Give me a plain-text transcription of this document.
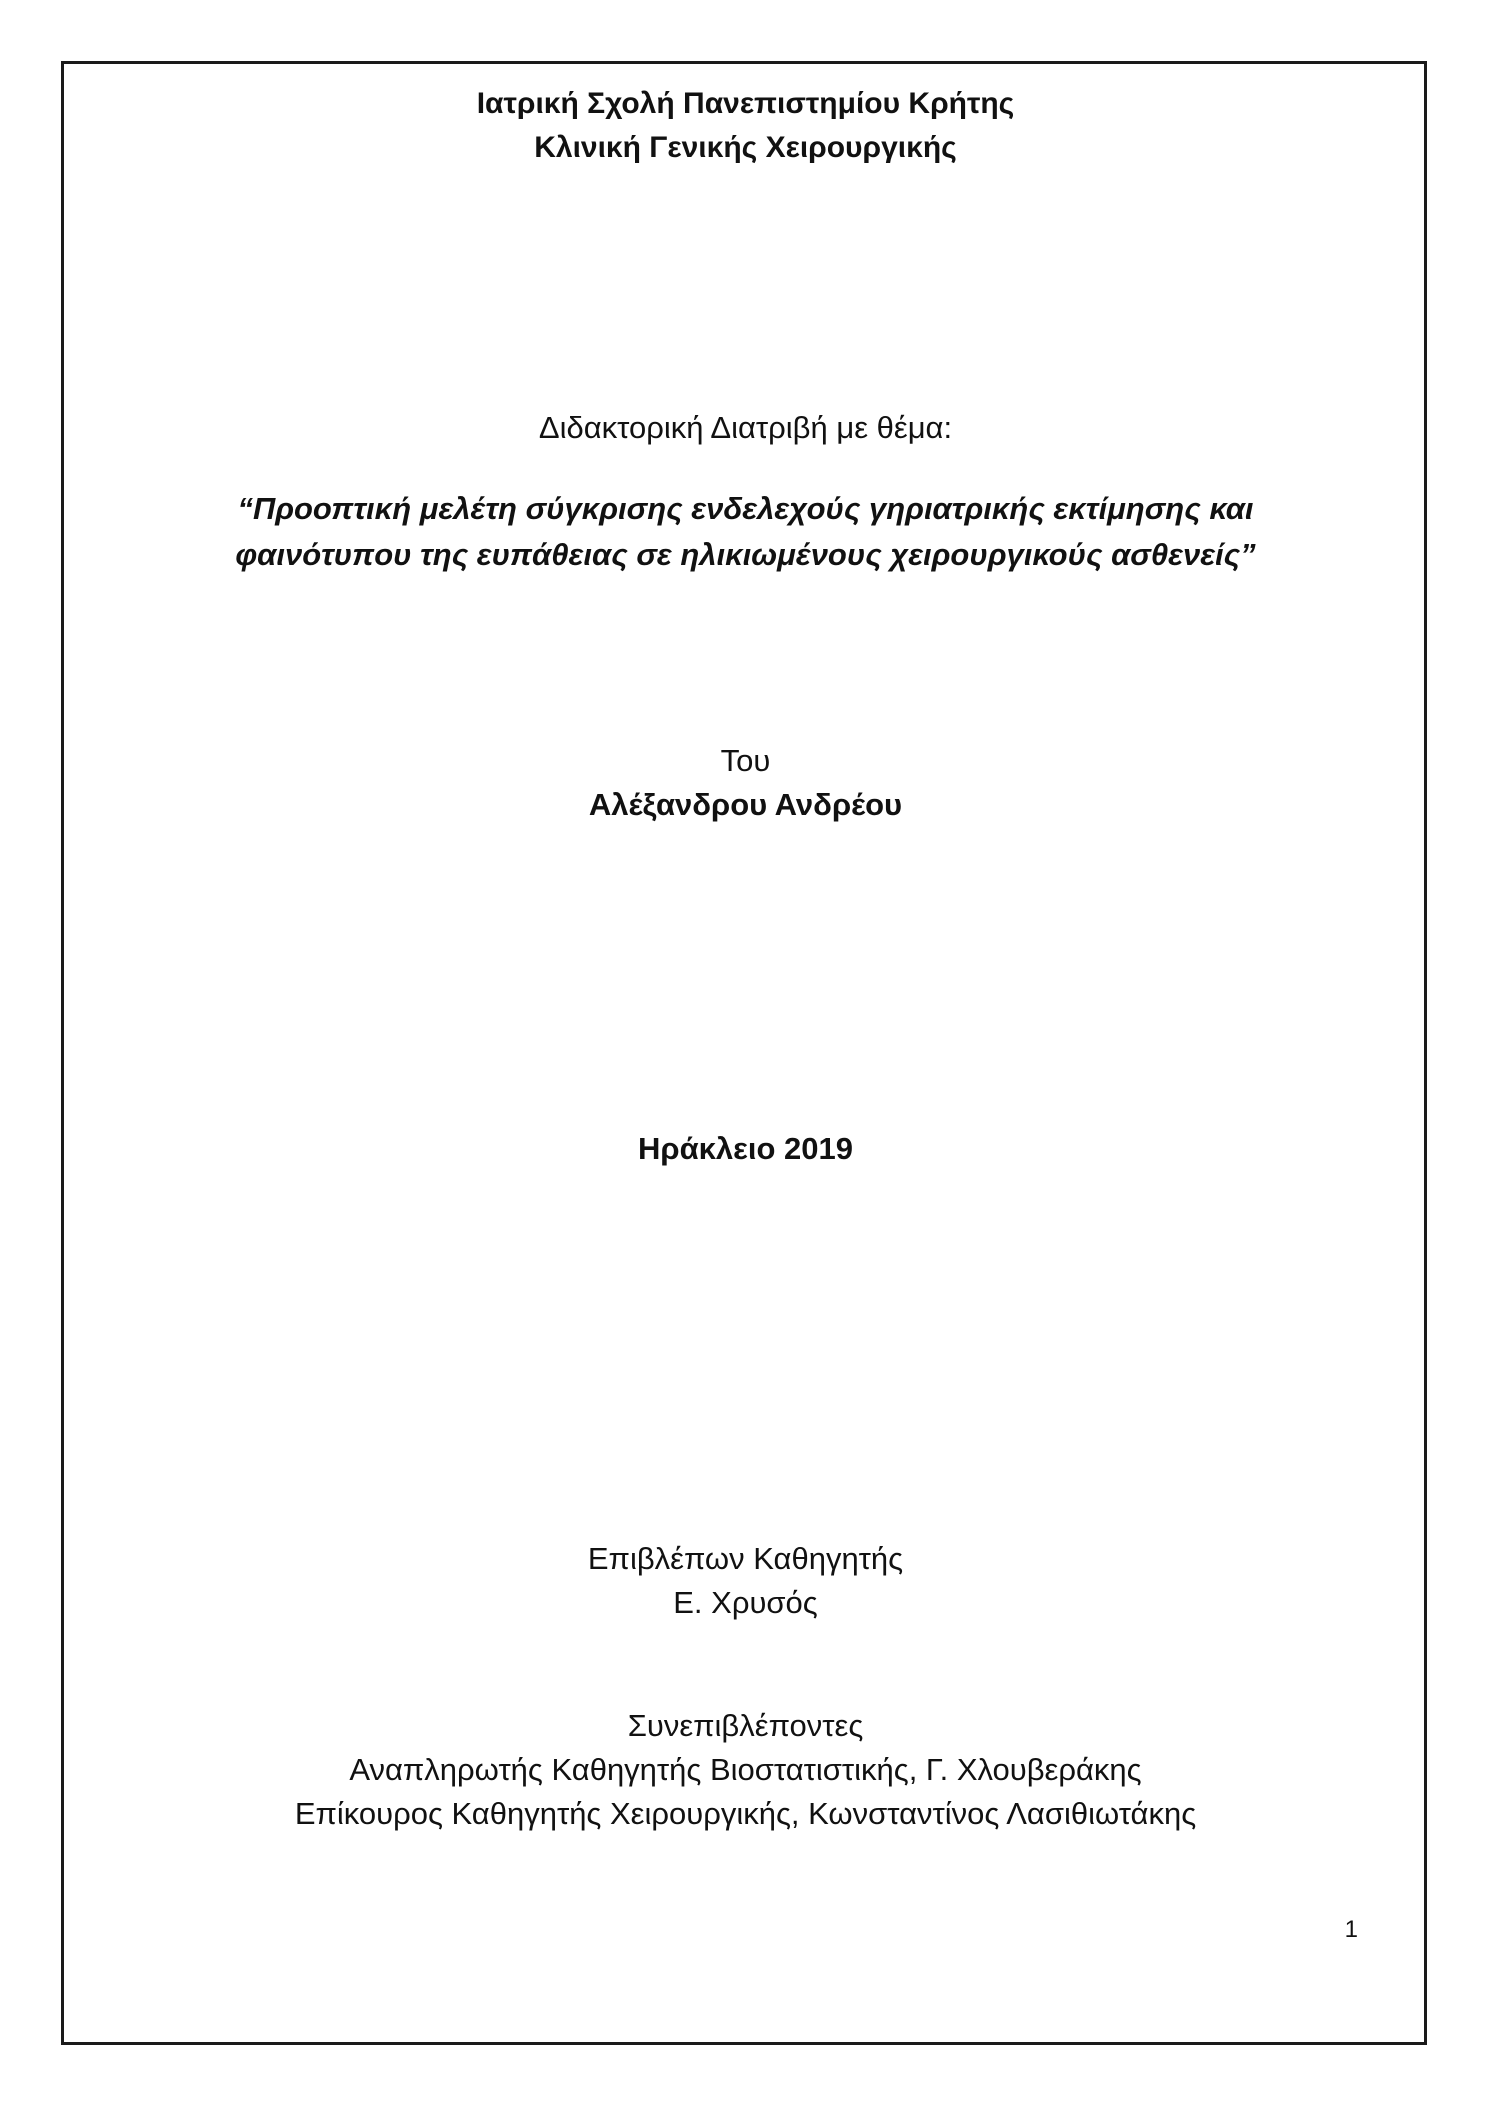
Ιατρική Σχολή Πανεπιστημίου Κρήτης
Κλινική Γενικής Χειρουργικής
Διδακτορική Διατριβή με θέμα:
“Προοπτική μελέτη σύγκρισης ενδελεχούς γηριατρικής εκτίμησης και
φαινότυπου της ευπάθειας σε ηλικιωμένους χειρουργικούς ασθενείς”
Του
Αλέξανδρου Ανδρέου
Ηράκλειο 2019
Επιβλέπων Καθηγητής
Ε. Χρυσός
Συνεπιβλέποντες
Αναπληρωτής Καθηγητής Βιοστατιστικής, Γ. Χλουβεράκης
Επίκουρος Καθηγητής Χειρουργικής, Κωνσταντίνος Λασιθιωτάκης
1
